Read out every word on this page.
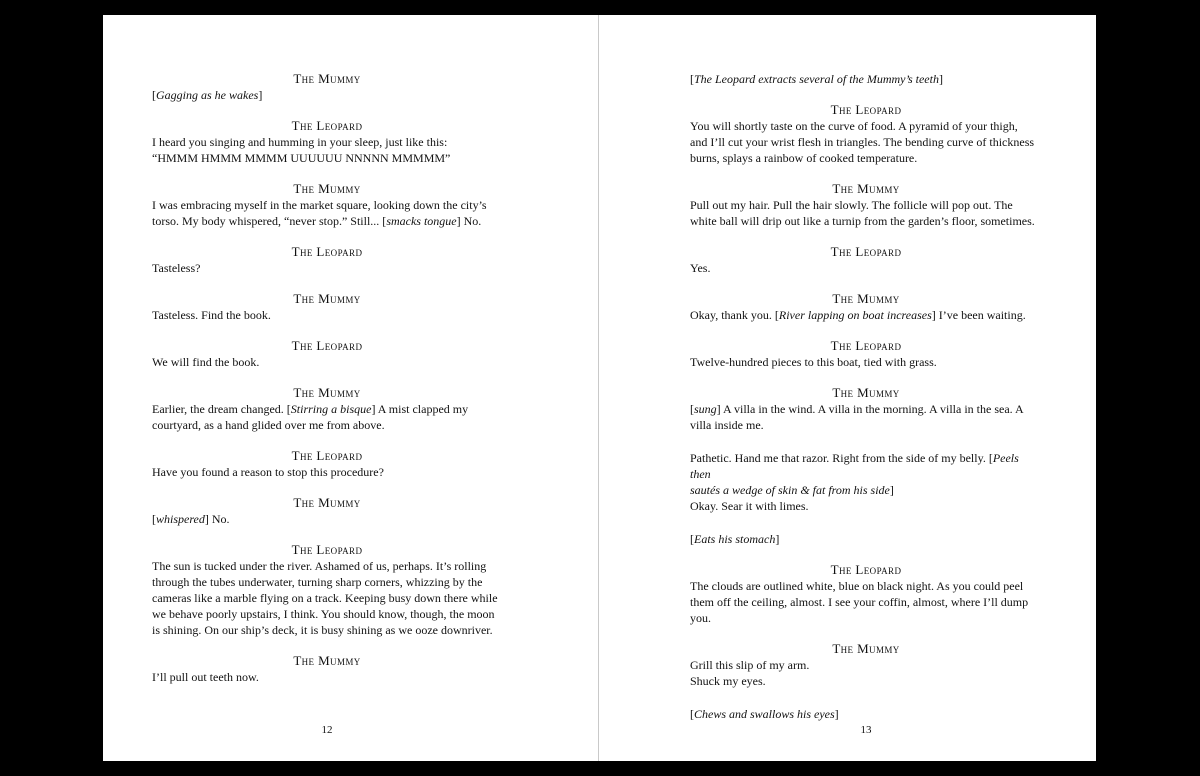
The Mummy

[Gagging as he wakes]

The Leopard

I heard you singing and humming in your sleep, just like this:

“HMMM HMMM MMMM UUUUUU NNNNN MMMMM”

The Mummy

I was embracing myself in the market square, looking down the city’s

torso. My body whispered, “never stop.” Still... [smacks tongue] No.

The Leopard

Tasteless?

The Mummy

Tasteless. Find the book.

The Leopard

We will find the book.

The Mummy

Earlier, the dream changed. [Stirring a bisque] A mist clapped my

courtyard, as a hand glided over me from above.

The Leopard

Have you found a reason to stop this procedure?

The Mummy

[whispered] No.

The Leopard

The sun is tucked under the river. Ashamed of us, perhaps. It’s rolling

through the tubes underwater, turning sharp corners, whizzing by the

cameras like a marble flying on a track. Keeping busy down there while

we behave poorly upstairs, I think. You should know, though, the moon

is shining. On our ship’s deck, it is busy shining as we ooze downriver.

The Mummy

I’ll pull out teeth now.

12

[The Leopard extracts several of the Mummy’s teeth]

The Leopard

You will shortly taste on the curve of food. A pyramid of your thigh,

and I’ll cut your wrist flesh in triangles. The bending curve of thickness

burns, splays a rainbow of cooked temperature.

The Mummy

Pull out my hair. Pull the hair slowly. The follicle will pop out. The

white ball will drip out like a turnip from the garden’s floor, sometimes.

The Leopard

Yes.

The Mummy

Okay, thank you. [River lapping on boat increases] I’ve been waiting.

The Leopard

Twelve-hundred pieces to this boat, tied with grass.

The Mummy

[sung] A villa in the wind. A villa in the morning. A villa in the sea. A

villa inside me.

Pathetic. Hand me that razor. Right from the side of my belly. [Peels then

sautés a wedge of skin & fat from his side]

Okay. Sear it with limes.

[Eats his stomach]

The Leopard

The clouds are outlined white, blue on black night. As you could peel

them off the ceiling, almost. I see your coffin, almost, where I’ll dump

you.

The Mummy

Grill this slip of my arm.

Shuck my eyes.

[Chews and swallows his eyes]

13
